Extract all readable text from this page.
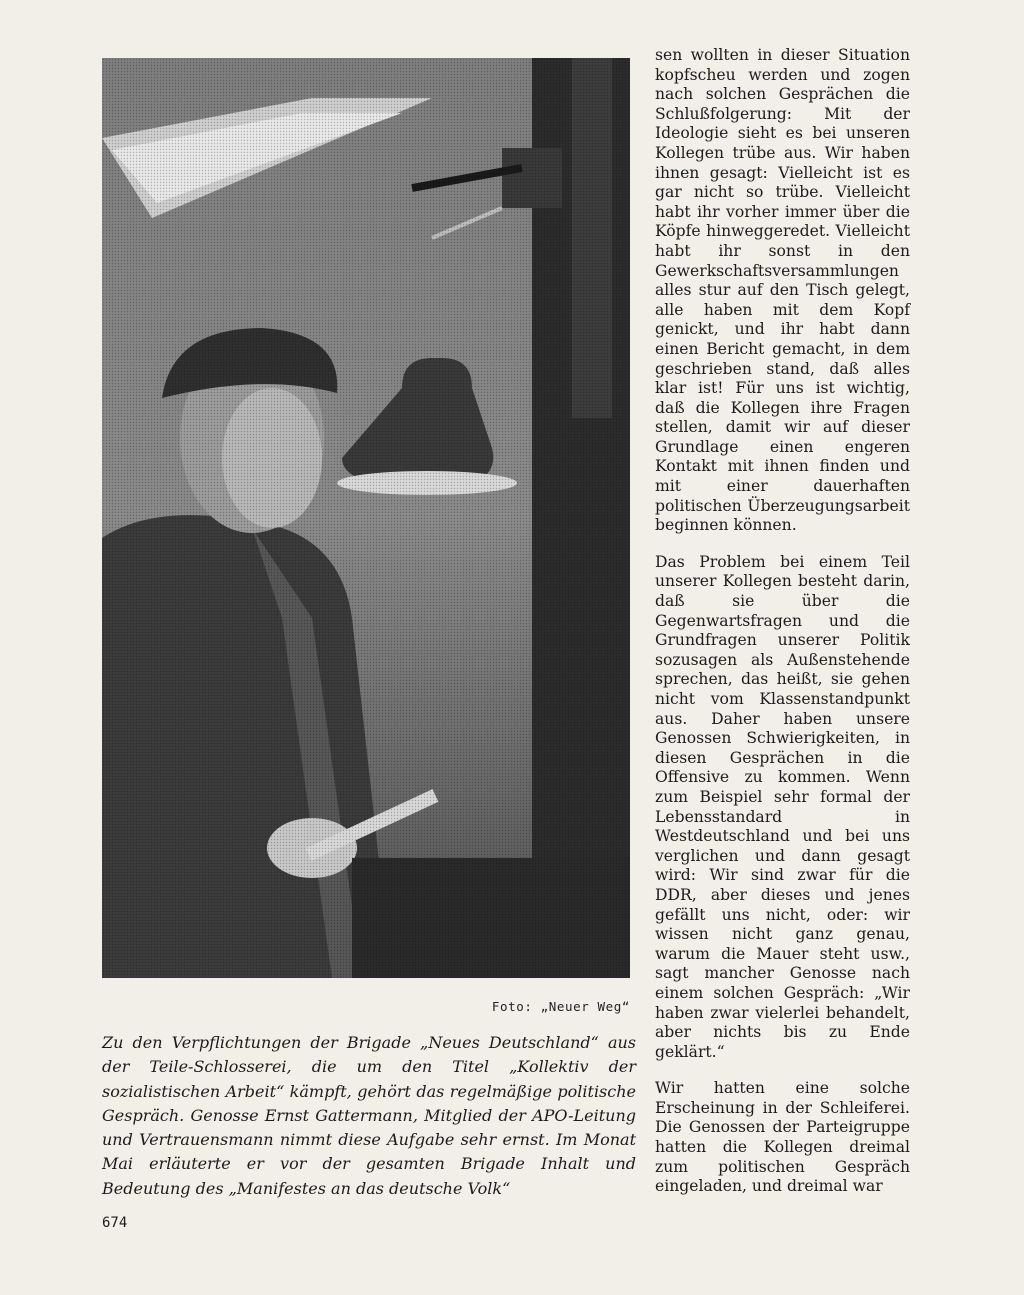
Foto: „Neuer Weg“

Zu den Verpflichtungen der Brigade „Neues Deutschland“ aus der Teile-Schlosserei, die um den Titel „Kollektiv der sozialistischen Arbeit“ kämpft, gehört das regelmäßige politische Gespräch. Genosse Ernst Gattermann, Mitglied der APO-Leitung und Vertrauensmann nimmt diese Aufgabe sehr ernst. Im Monat Mai erläuterte er vor der gesamten Brigade Inhalt und Bedeutung des „Manifestes an das deutsche Volk“

sen wollten in dieser Situation kopfscheu werden und zogen nach solchen Gesprächen die Schlußfolgerung: Mit der Ideologie sieht es bei unseren Kollegen trübe aus. Wir haben ihnen gesagt: Vielleicht ist es gar nicht so trübe. Vielleicht habt ihr vorher immer über die Köpfe hinweggeredet. Vielleicht habt ihr sonst in den Gewerkschaftsversammlungen alles stur auf den Tisch gelegt, alle haben mit dem Kopf genickt, und ihr habt dann einen Bericht gemacht, in dem geschrieben stand, daß alles klar ist! Für uns ist wichtig, daß die Kollegen ihre Fragen stellen, damit wir auf dieser Grundlage einen engeren Kontakt mit ihnen finden und mit einer dauerhaften politischen Überzeugungsarbeit beginnen können.

Das Problem bei einem Teil unserer Kollegen besteht darin, daß sie über die Gegenwartsfragen und die Grundfragen unserer Politik sozusagen als Außenstehende sprechen, das heißt, sie gehen nicht vom Klassenstandpunkt aus. Daher haben unsere Genossen Schwierigkeiten, in diesen Gesprächen in die Offensive zu kommen. Wenn zum Beispiel sehr formal der Lebensstandard in Westdeutschland und bei uns verglichen und dann gesagt wird: Wir sind zwar für die DDR, aber dieses und jenes gefällt uns nicht, oder: wir wissen nicht ganz genau, warum die Mauer steht usw., sagt mancher Genosse nach einem solchen Gespräch: „Wir haben zwar vielerlei behandelt, aber nichts bis zu Ende geklärt.“

Wir hatten eine solche Erscheinung in der Schleiferei. Die Genossen der Parteigruppe hatten die Kollegen dreimal zum politischen Gespräch eingeladen, und dreimal war

674
